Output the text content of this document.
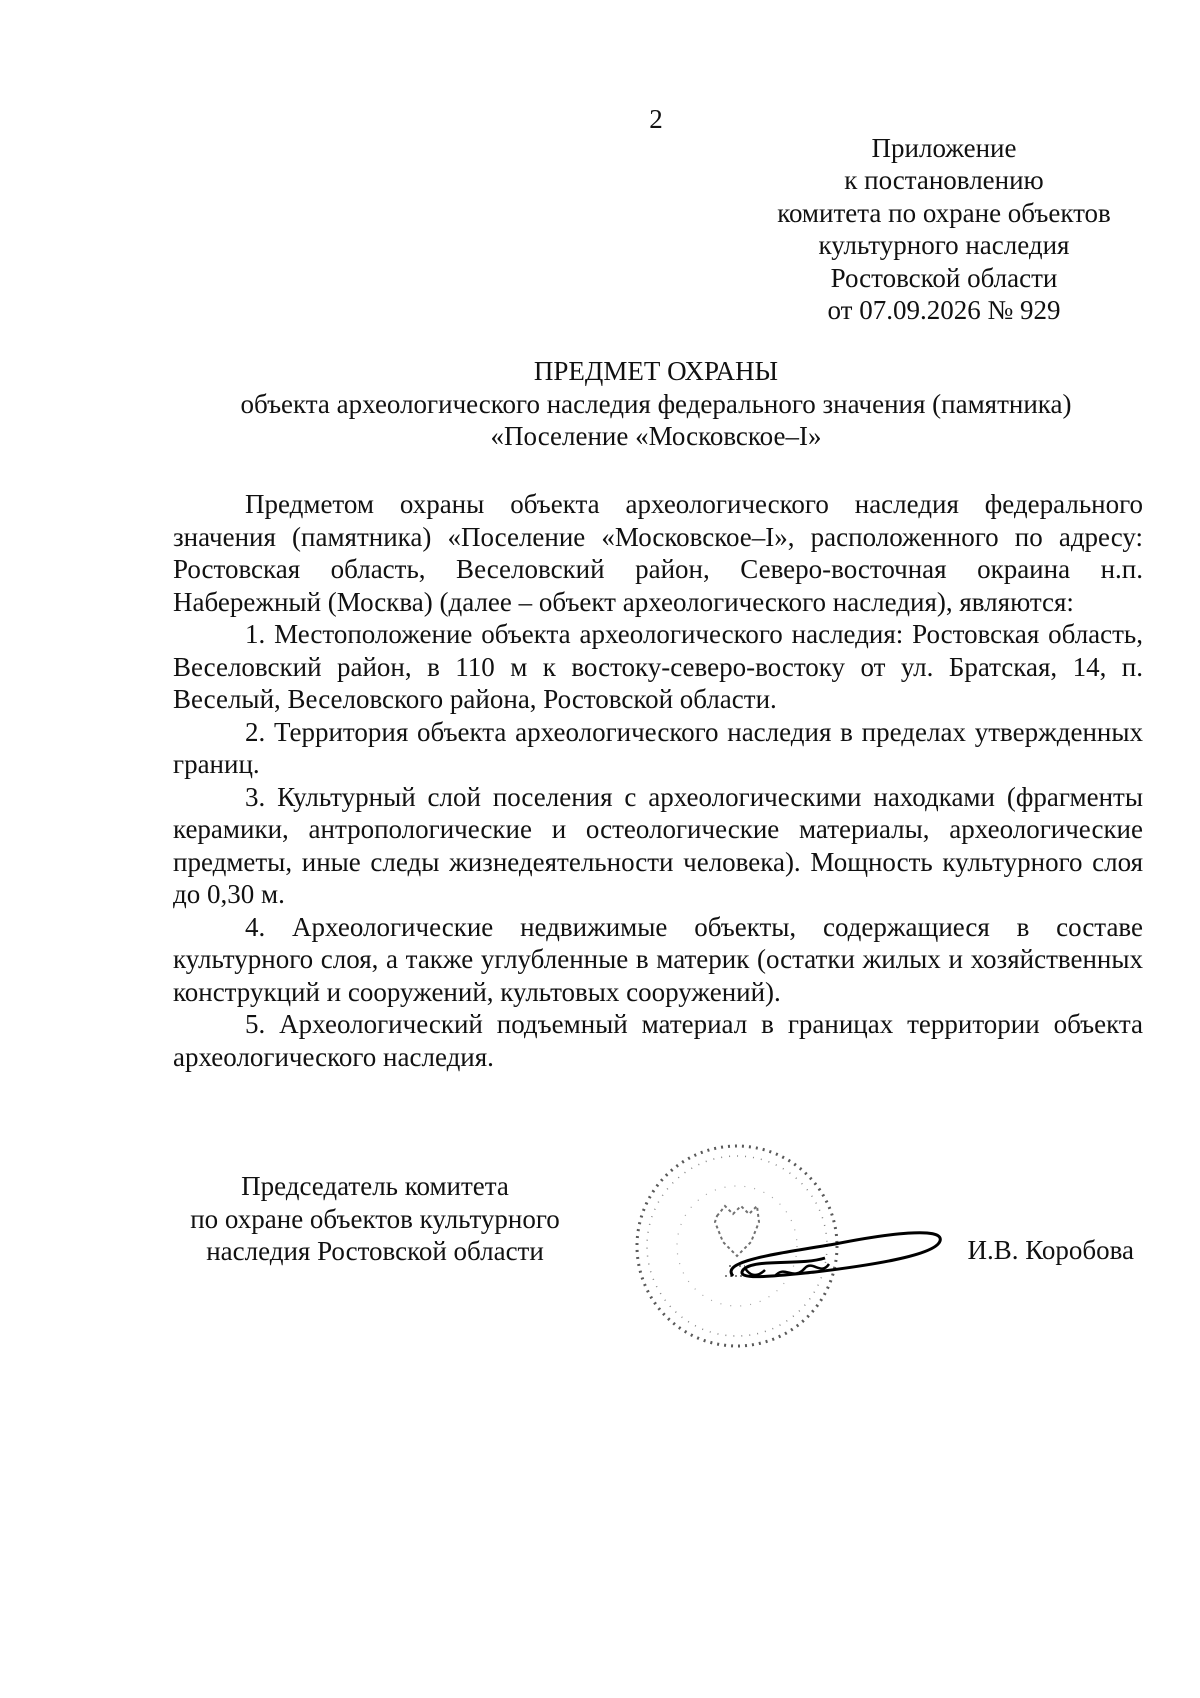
2
Приложение
к постановлению
комитета по охране объектов
культурного наследия
Ростовской области
от 07.09.2026 № 929
ПРЕДМЕТ ОХРАНЫ
объекта археологического наследия федерального значения (памятника)
«Поселение «Московское–I»

Предметом охраны объекта археологического наследия федерального значения (памятника) «Поселение «Московское–I», расположенного по адресу: Ростовская область, Веселовский район, Северо-восточная окраина н.п. Набережный (Москва) (далее – объект археологического наследия), являются:

1. Местоположение объекта археологического наследия: Ростовская область, Веселовский район, в 110 м к востоку-северо-востоку от ул. Братская, 14, п. Веселый, Веселовского района, Ростовской области.

2. Территория объекта археологического наследия в пределах утвержденных границ.

3. Культурный слой поселения с археологическими находками (фрагменты керамики, антропологические и остеологические материалы, археологические предметы, иные следы жизнедеятельности человека). Мощность культурного слоя до 0,30 м.

4. Археологические недвижимые объекты, содержащиеся в составе культурного слоя, а также углубленные в материк (остатки жилых и хозяйственных конструкций и сооружений, культовых сооружений).

5. Археологический подъемный материал в границах территории объекта археологического наследия.

Председатель комитета
по охране объектов культурного
наследия Ростовской области	И.В. Коробова
